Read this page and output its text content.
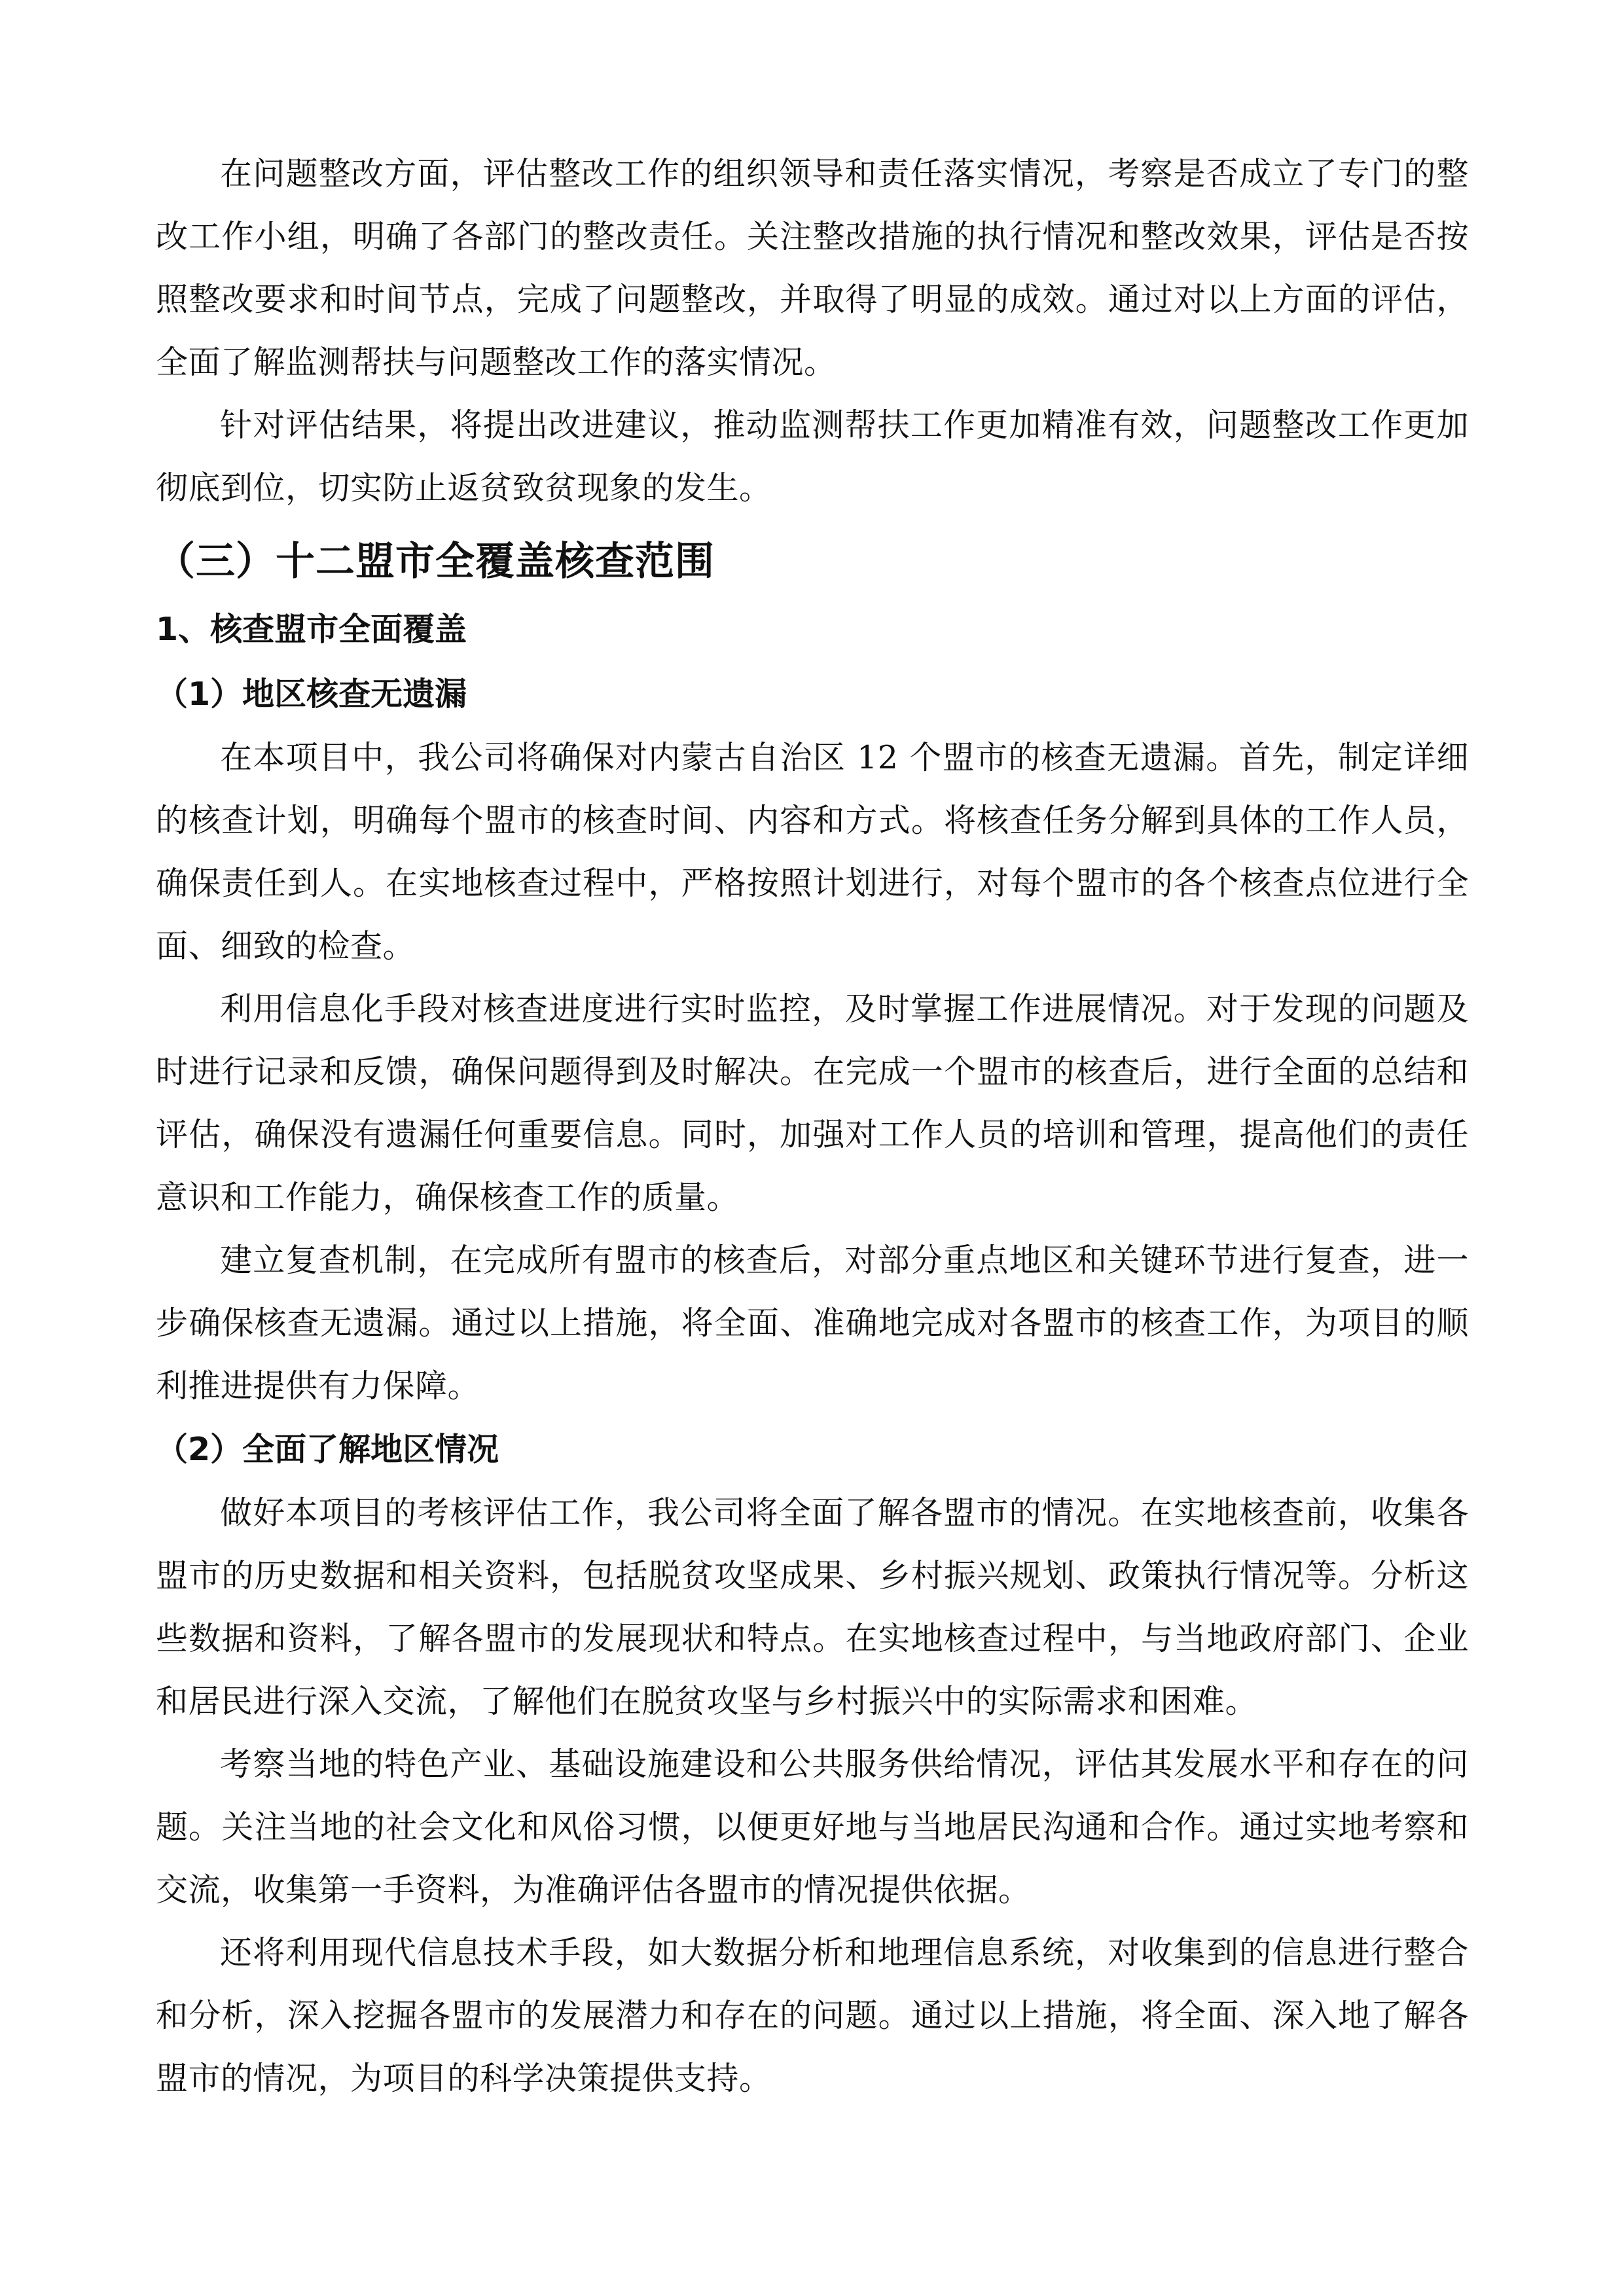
在问题整改方面，评估整改工作的组织领导和责任落实情况，考察是否成立了专门的整改工作小组，明确了各部门的整改责任。关注整改措施的执行情况和整改效果，评估是否按照整改要求和时间节点，完成了问题整改，并取得了明显的成效。通过对以上方面的评估，全面了解监测帮扶与问题整改工作的落实情况。

针对评估结果，将提出改进建议，推动监测帮扶工作更加精准有效，问题整改工作更加彻底到位，切实防止返贫致贫现象的发生。

（三）十二盟市全覆盖核查范围
1、核查盟市全面覆盖
（1）地区核查无遗漏

在本项目中，我公司将确保对内蒙古自治区 12 个盟市的核查无遗漏。首先，制定详细的核查计划，明确每个盟市的核查时间、内容和方式。将核查任务分解到具体的工作人员，确保责任到人。在实地核查过程中，严格按照计划进行，对每个盟市的各个核查点位进行全面、细致的检查。

利用信息化手段对核查进度进行实时监控，及时掌握工作进展情况。对于发现的问题及时进行记录和反馈，确保问题得到及时解决。在完成一个盟市的核查后，进行全面的总结和评估，确保没有遗漏任何重要信息。同时，加强对工作人员的培训和管理，提高他们的责任意识和工作能力，确保核查工作的质量。

建立复查机制，在完成所有盟市的核查后，对部分重点地区和关键环节进行复查，进一步确保核查无遗漏。通过以上措施，将全面、准确地完成对各盟市的核查工作，为项目的顺利推进提供有力保障。

（2）全面了解地区情况

做好本项目的考核评估工作，我公司将全面了解各盟市的情况。在实地核查前，收集各盟市的历史数据和相关资料，包括脱贫攻坚成果、乡村振兴规划、政策执行情况等。分析这些数据和资料，了解各盟市的发展现状和特点。在实地核查过程中，与当地政府部门、企业和居民进行深入交流，了解他们在脱贫攻坚与乡村振兴中的实际需求和困难。

考察当地的特色产业、基础设施建设和公共服务供给情况，评估其发展水平和存在的问题。关注当地的社会文化和风俗习惯，以便更好地与当地居民沟通和合作。通过实地考察和交流，收集第一手资料，为准确评估各盟市的情况提供依据。

还将利用现代信息技术手段，如大数据分析和地理信息系统，对收集到的信息进行整合和分析，深入挖掘各盟市的发展潜力和存在的问题。通过以上措施，将全面、深入地了解各盟市的情况，为项目的科学决策提供支持。
